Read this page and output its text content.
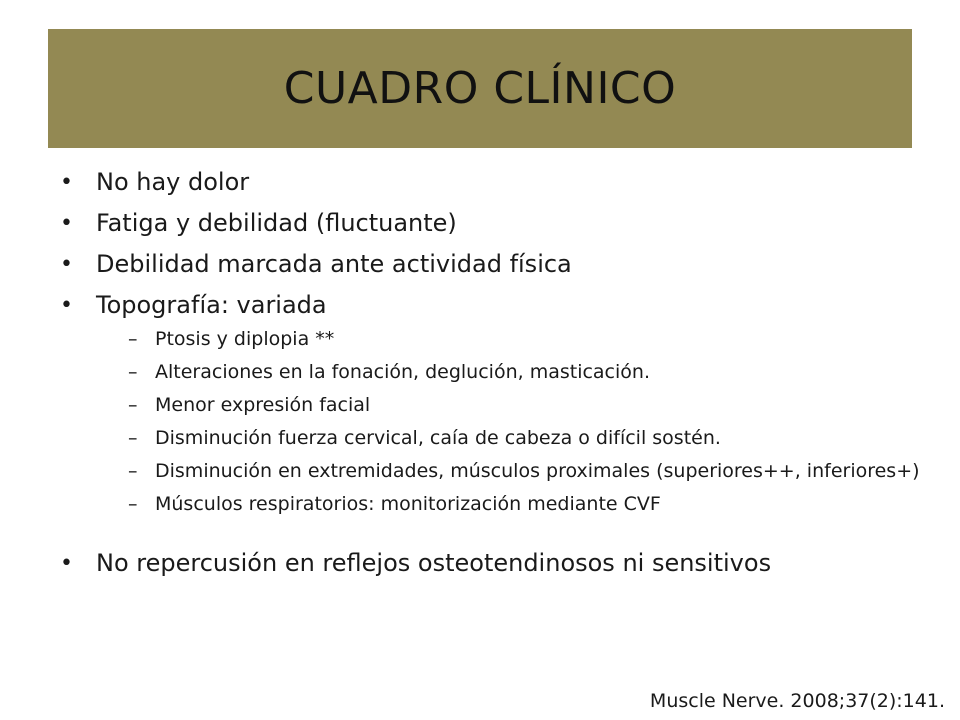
CUADRO CLÍNICO
• No hay dolor
• Fatiga y debilidad (fluctuante)
• Debilidad marcada ante actividad física
• Topografía: variada
– Ptosis y diplopia **
– Alteraciones en la fonación, deglución, masticación.
– Menor expresión facial
– Disminución fuerza cervical, caía de cabeza o difícil sostén.
– Disminución en extremidades, músculos proximales (superiores++, inferiores+)
– Músculos respiratorios: monitorización mediante CVF
• No repercusión en reflejos osteotendinosos ni sensitivos
Muscle Nerve. 2008;37(2):141.
